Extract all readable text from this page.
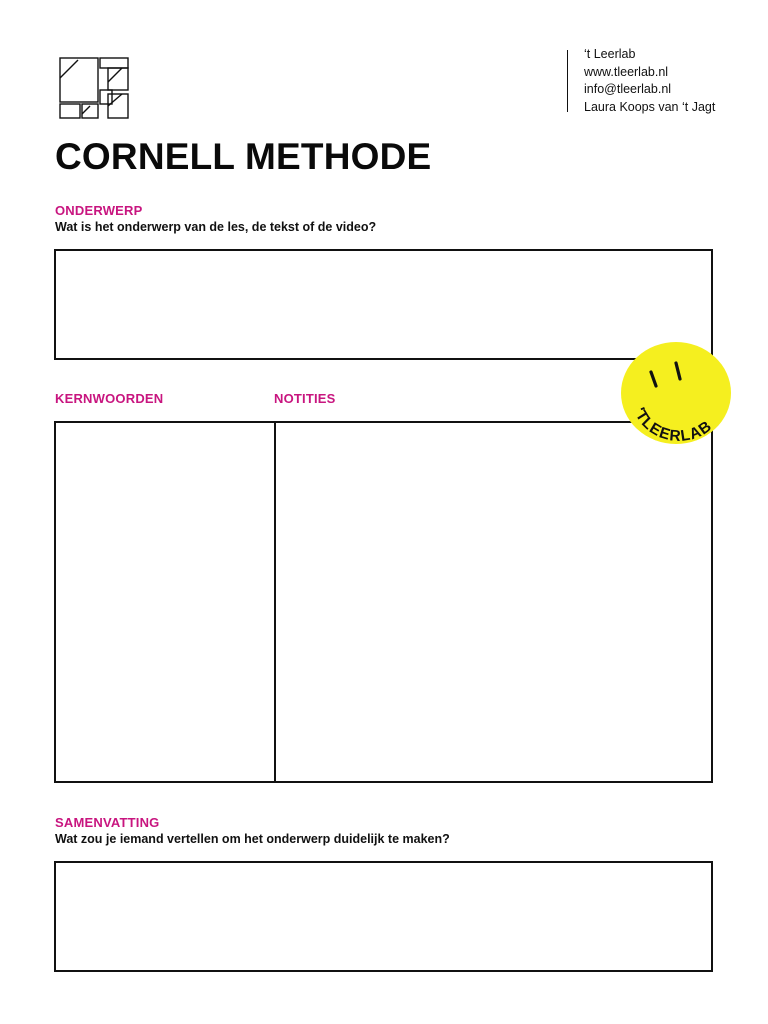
‘t Leerlab
www.tleerlab.nl
info@tleerlab.nl
Laura Koops van ‘t Jagt
CORNELL METHODE
ONDERWERP
Wat is het onderwerp van de les, de tekst of de video?
KERNWOORDEN	NOTITIES
'TLEERLAB
SAMENVATTING
Wat zou je iemand vertellen om het onderwerp duidelijk te maken?
